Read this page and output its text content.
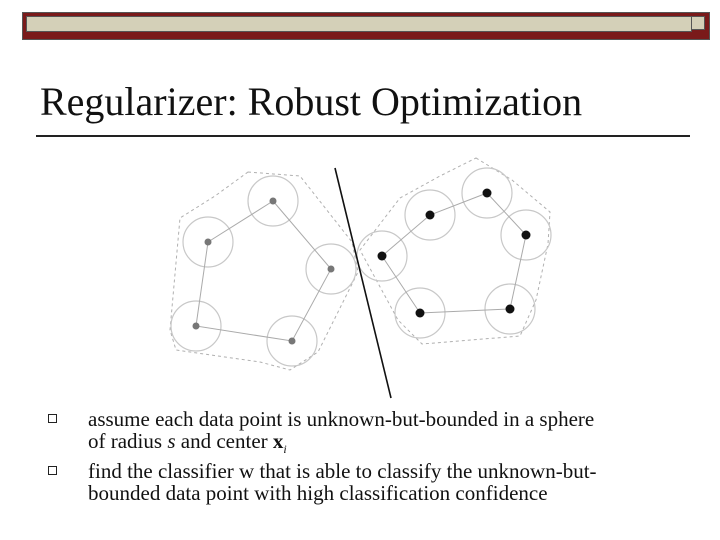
Regularizer: Robust Optimization
assume each data point is unknown-but-bounded in a sphere
of radius s and center $x_i$
find the classifier w that is able to classify the unknown-but-
bounded data point with high classification confidence
